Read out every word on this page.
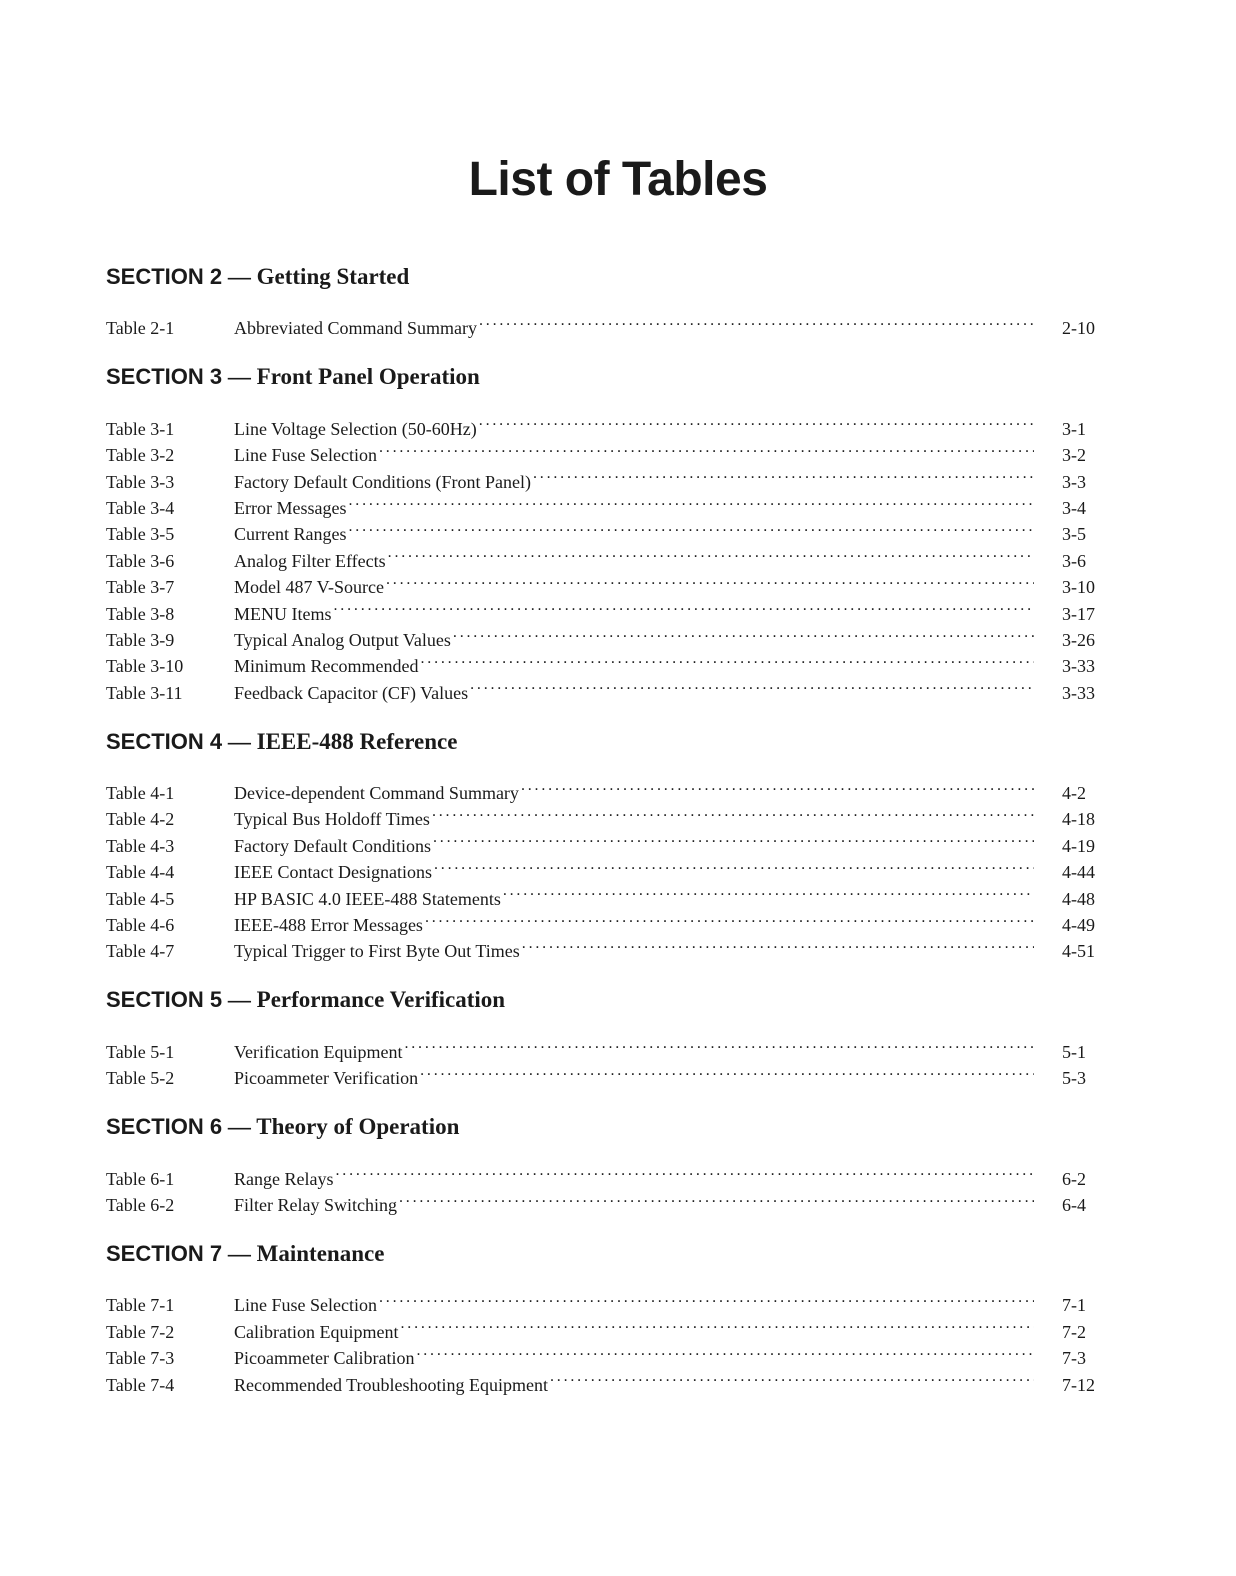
List of Tables
SECTION 2 — Getting Started
Table 2-1	Abbreviated Command Summary . . .	2-10
SECTION 3 — Front Panel Operation
Table 3-1	Line Voltage Selection (50-60Hz) . . .	3-1
Table 3-2	Line Fuse Selection . . .	3-2
Table 3-3	Factory Default Conditions (Front Panel) . . .	3-3
Table 3-4	Error Messages . . .	3-4
Table 3-5	Current Ranges . . .	3-5
Table 3-6	Analog Filter Effects . . .	3-6
Table 3-7	Model 487 V-Source . . .	3-10
Table 3-8	MENU Items . . .	3-17
Table 3-9	Typical Analog Output Values . . .	3-26
Table 3-10	Minimum Recommended . . .	3-33
Table 3-11	Feedback Capacitor (CF) Values . . .	3-33
SECTION 4 — IEEE-488 Reference
Table 4-1	Device-dependent Command Summary . . .	4-2
Table 4-2	Typical Bus Holdoff Times . . .	4-18
Table 4-3	Factory Default Conditions . . .	4-19
Table 4-4	IEEE Contact Designations . . .	4-44
Table 4-5	HP BASIC 4.0 IEEE-488 Statements . . .	4-48
Table 4-6	IEEE-488 Error Messages . . .	4-49
Table 4-7	Typical Trigger to First Byte Out Times . . .	4-51
SECTION 5 — Performance Verification
Table 5-1	Verification Equipment . . .	5-1
Table 5-2	Picoammeter Verification . . .	5-3
SECTION 6 — Theory of Operation
Table 6-1	Range Relays . . .	6-2
Table 6-2	Filter Relay Switching . . .	6-4
SECTION 7 — Maintenance
Table 7-1	Line Fuse Selection . . .	7-1
Table 7-2	Calibration Equipment . . .	7-2
Table 7-3	Picoammeter Calibration . . .	7-3
Table 7-4	Recommended Troubleshooting Equipment . . .	7-12
